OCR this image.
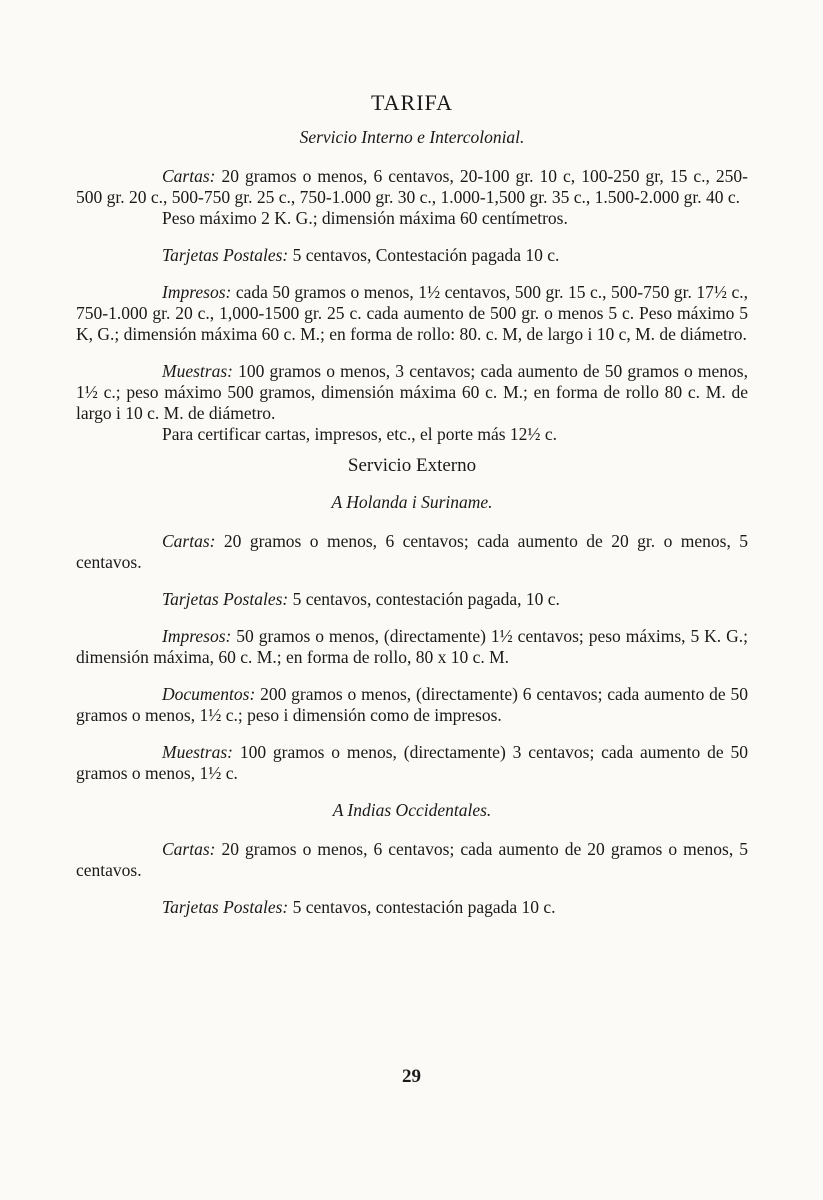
TARIFA
Servicio Interno e Intercolonial.

Cartas: 20 gramos o menos, 6 centavos, 20-100 gr. 10 c, 100-250 gr, 15 c., 250-500 gr. 20 c., 500-750 gr. 25 c., 750-1.000 gr. 30 c., 1.000-1,500 gr. 35 c., 1.500-2.000 gr. 40 c.
Peso máximo 2 K. G.; dimensión máxima 60 centímetros.

Tarjetas Postales: 5 centavos, Contestación pagada 10 c.

Impresos: cada 50 gramos o menos, 1½ centavos, 500 gr. 15 c., 500-750 gr. 17½ c., 750-1.000 gr. 20 c., 1,000-1500 gr. 25 c. cada aumento de 500 gr. o menos 5 c. Peso máximo 5 K, G.; dimensión máxima 60 c. M.; en forma de rollo: 80. c. M, de largo i 10 c, M. de diámetro.

Muestras: 100 gramos o menos, 3 centavos; cada aumento de 50 gramos o menos, 1½ c.; peso máximo 500 gramos, dimensión máxima 60 c. M.; en forma de rollo 80 c. M. de largo i 10 c. M. de diámetro.
Para certificar cartas, impresos, etc., el porte más 12½ c.

Servicio Externo
A Holanda i Suriname.

Cartas: 20 gramos o menos, 6 centavos; cada aumento de 20 gr. o menos, 5 centavos.

Tarjetas Postales: 5 centavos, contestación pagada, 10 c.

Impresos: 50 gramos o menos, (directamente) 1½ centavos; peso máxims, 5 K. G.; dimensión máxima, 60 c. M.; en forma de rollo, 80 x 10 c. M.

Documentos: 200 gramos o menos, (directamente) 6 centavos; cada aumento de 50 gramos o menos, 1½ c.; peso i dimensión como de impresos.

Muestras: 100 gramos o menos, (directamente) 3 centavos; cada aumento de 50 gramos o menos, 1½ c.

A Indias Occidentales.

Cartas: 20 gramos o menos, 6 centavos; cada aumento de 20 gramos o menos, 5 centavos.

Tarjetas Postales: 5 centavos, contestación pagada 10 c.

29
